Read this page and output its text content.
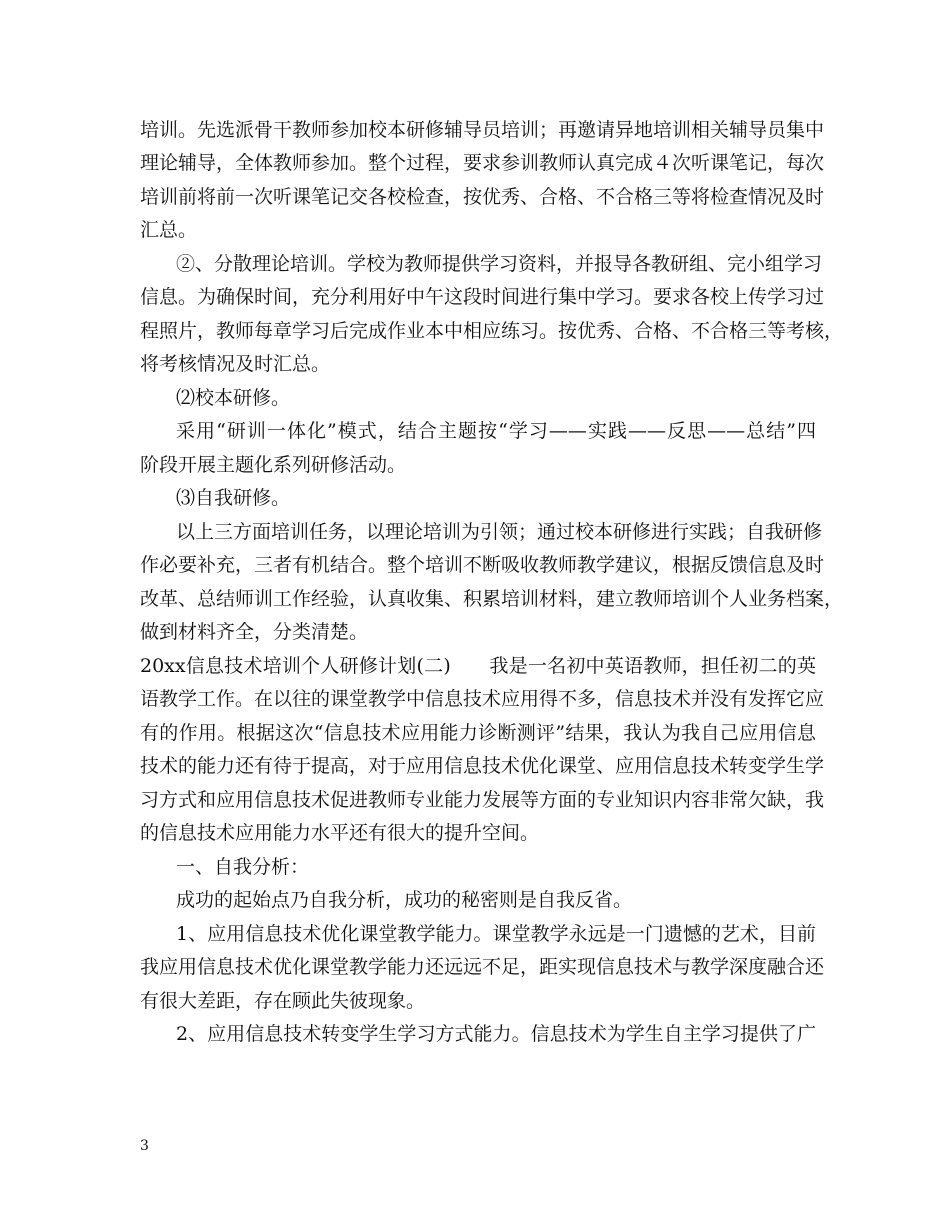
培训。先选派骨干教师参加校本研修辅导员培训；再邀请异地培训相关辅导员集中
理论辅导，全体教师参加。整个过程，要求参训教师认真完成４次听课笔记，每次
培训前将前一次听课笔记交各校检查，按优秀、合格、不合格三等将检查情况及时
汇总。
②、分散理论培训。学校为教师提供学习资料，并报导各教研组、完小组学习
信息。为确保时间，充分利用好中午这段时间进行集中学习。要求各校上传学习过
程照片，教师每章学习后完成作业本中相应练习。按优秀、合格、不合格三等考核，
将考核情况及时汇总。
⑵校本研修。
采用“研训一体化”模式，结合主题按“学习——实践——反思——总结”四
阶段开展主题化系列研修活动。
⑶自我研修。
以上三方面培训任务，以理论培训为引领；通过校本研修进行实践；自我研修
作必要补充，三者有机结合。整个培训不断吸收教师教学建议，根据反馈信息及时
改革、总结师训工作经验，认真收集、积累培训材料，建立教师培训个人业务档案，
做到材料齐全，分类清楚。
20xx信息技术培训个人研修计划(二)　　我是一名初中英语教师，担任初二的英
语教学工作。在以往的课堂教学中信息技术应用得不多，信息技术并没有发挥它应
有的作用。根据这次“信息技术应用能力诊断测评”结果，我认为我自己应用信息
技术的能力还有待于提高，对于应用信息技术优化课堂、应用信息技术转变学生学
习方式和应用信息技术促进教师专业能力发展等方面的专业知识内容非常欠缺，我
的信息技术应用能力水平还有很大的提升空间。
一、自我分析：
成功的起始点乃自我分析，成功的秘密则是自我反省。
1、应用信息技术优化课堂教学能力。课堂教学永远是一门遗憾的艺术，目前
我应用信息技术优化课堂教学能力还远远不足，距实现信息技术与教学深度融合还
有很大差距，存在顾此失彼现象。
2、应用信息技术转变学生学习方式能力。信息技术为学生自主学习提供了广
3
